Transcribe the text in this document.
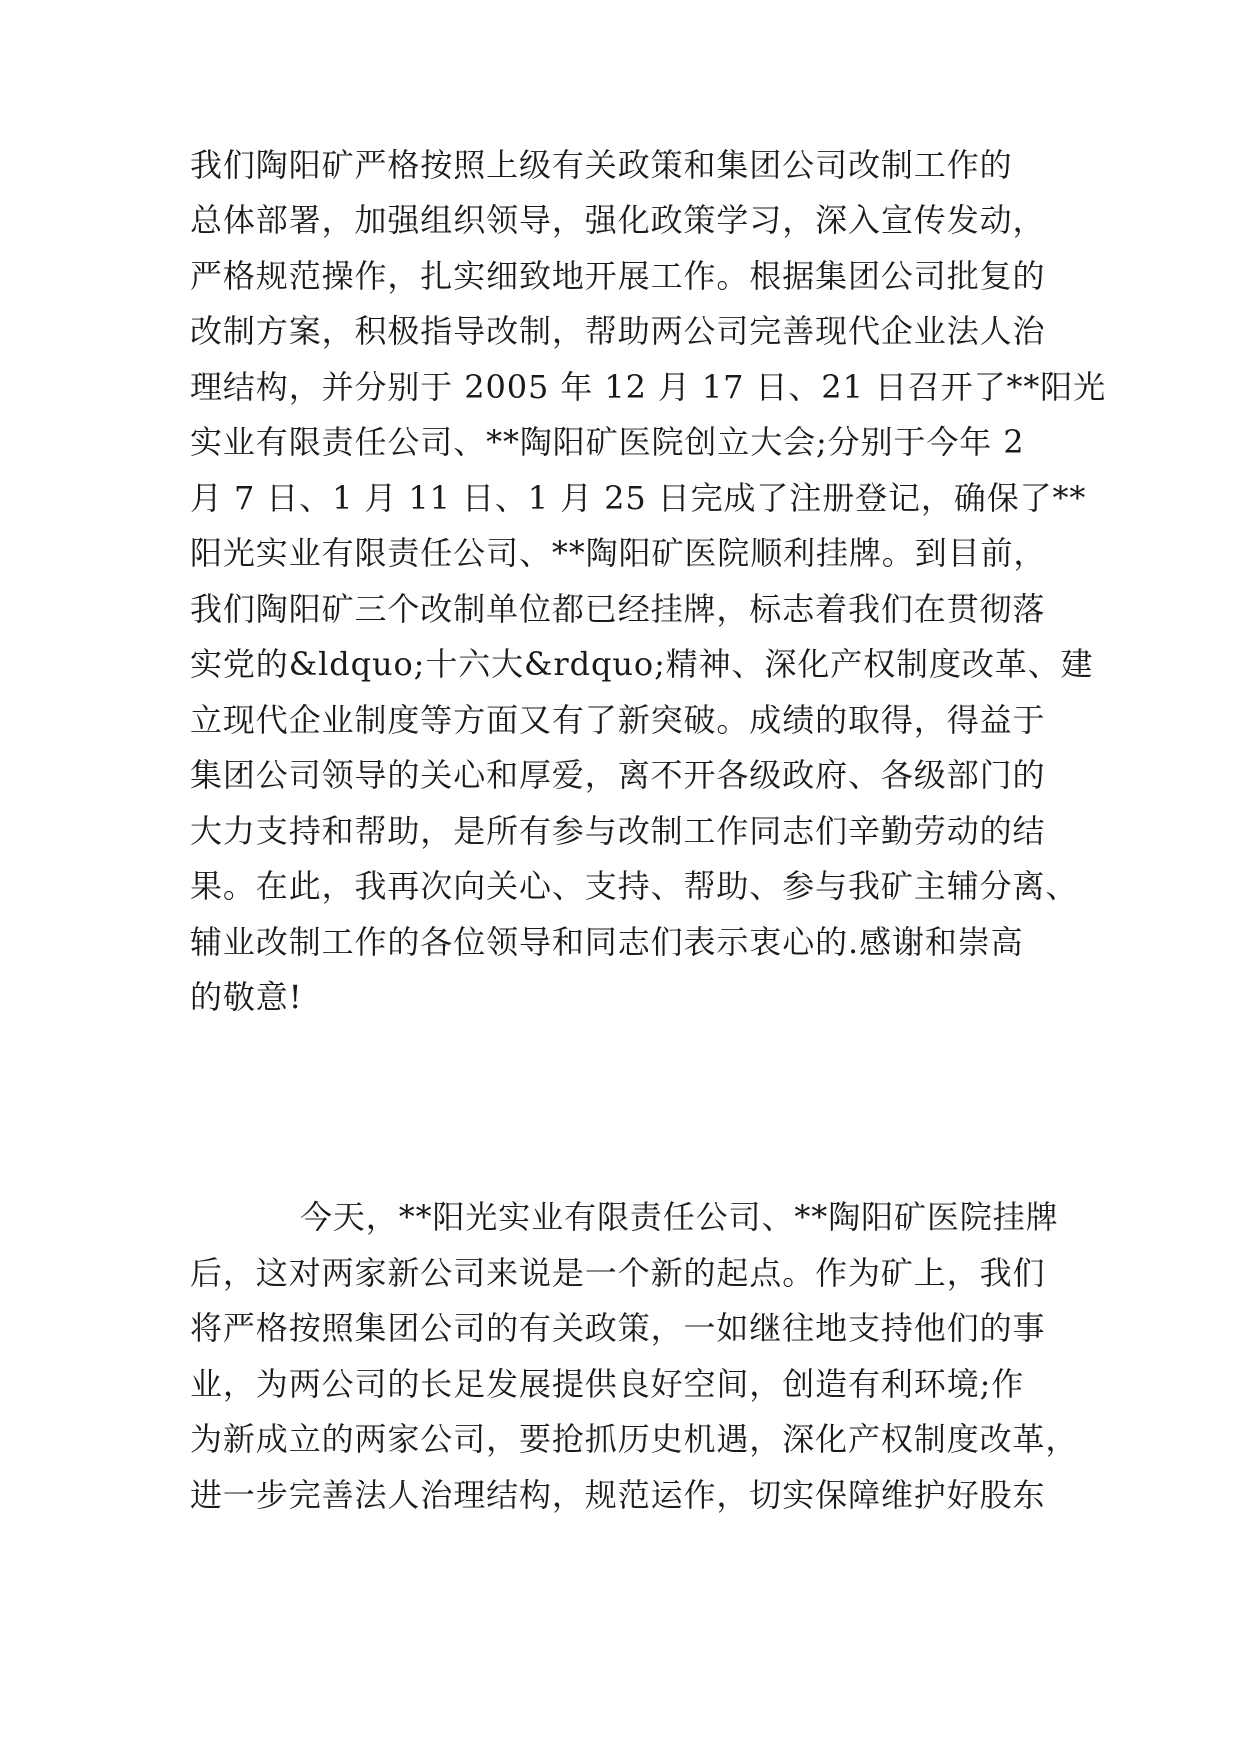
我们陶阳矿严格按照上级有关政策和集团公司改制工作的
总体部署，加强组织领导，强化政策学习，深入宣传发动，
严格规范操作，扎实细致地开展工作。根据集团公司批复的
改制方案，积极指导改制，帮助两公司完善现代企业法人治
理结构，并分别于 2005 年 12 月 17 日、21 日召开了**阳光
实业有限责任公司、**陶阳矿医院创立大会;分别于今年 2
月 7 日、1 月 11 日、1 月 25 日完成了注册登记，确保了**
阳光实业有限责任公司、**陶阳矿医院顺利挂牌。到目前，
我们陶阳矿三个改制单位都已经挂牌，标志着我们在贯彻落
实党的&ldquo;十六大&rdquo;精神、深化产权制度改革、建
立现代企业制度等方面又有了新突破。成绩的取得，得益于
集团公司领导的关心和厚爱，离不开各级政府、各级部门的
大力支持和帮助，是所有参与改制工作同志们辛勤劳动的结
果。在此，我再次向关心、支持、帮助、参与我矿主辅分离、
辅业改制工作的各位领导和同志们表示衷心的.感谢和崇高
的敬意!
今天，**阳光实业有限责任公司、**陶阳矿医院挂牌
后，这对两家新公司来说是一个新的起点。作为矿上，我们
将严格按照集团公司的有关政策，一如继往地支持他们的事
业，为两公司的长足发展提供良好空间，创造有利环境;作
为新成立的两家公司，要抢抓历史机遇，深化产权制度改革，
进一步完善法人治理结构，规范运作，切实保障维护好股东
